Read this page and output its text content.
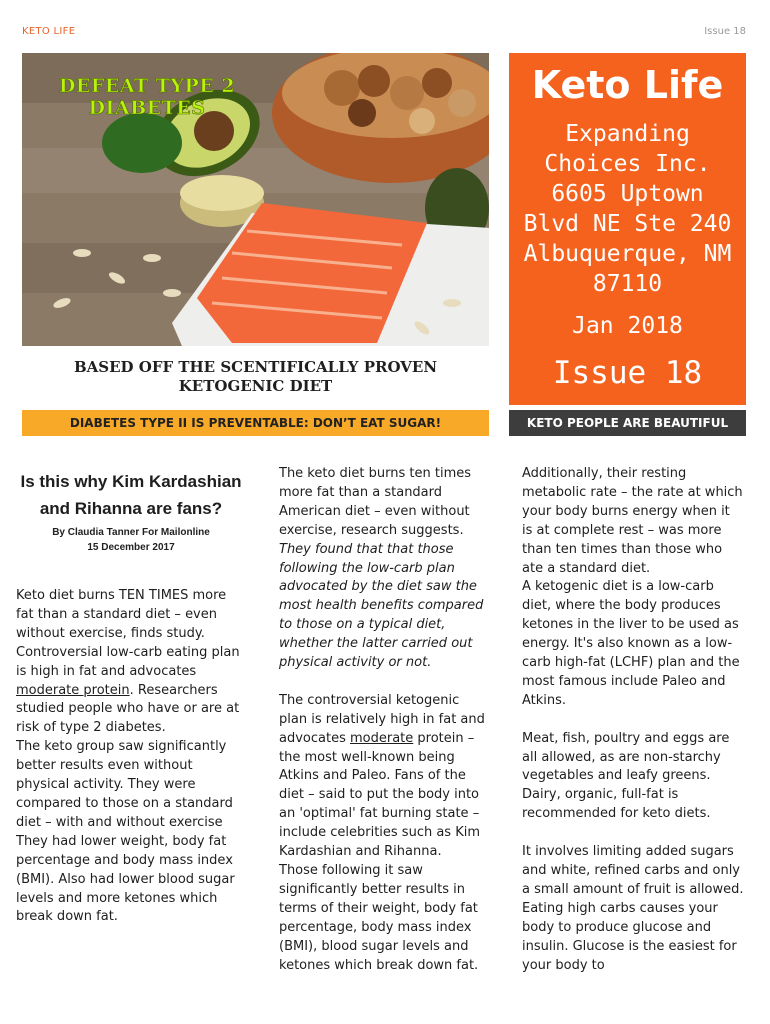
KETO LIFE	Issue 18
DEFEAT TYPE 2 DIABETES
BASED OFF THE SCENTIFICALLY PROVEN KETOGENIC DIET
Keto Life
Expanding Choices Inc. 6605 Uptown Blvd NE Ste 240 Albuquerque, NM 87110
Jan 2018
Issue 18
DIABETES TYPE II IS PREVENTABLE: DON’T EAT SUGAR!	KETO PEOPLE ARE BEAUTIFUL
Is this why Kim Kardashian and Rihanna are fans?
By Claudia Tanner For Mailonline
15 December 2017

Keto diet burns TEN TIMES more fat than a standard diet – even without exercise, finds study. Controversial low-carb eating plan is high in fat and advocates moderate protein. Researchers studied people who have or are at risk of type 2 diabetes.

The keto group saw significantly better results even without physical activity. They were compared to those on a standard diet – with and without exercise They had lower weight, body fat percentage and body mass index (BMI). Also had lower blood sugar levels and more ketones which break down fat.

The keto diet burns ten times more fat than a standard American diet – even without exercise, research suggests.

They found that that those following the low-carb plan advocated by the diet saw the most health benefits compared to those on a typical diet, whether the latter carried out physical activity or not.

The controversial ketogenic plan is relatively high in fat and advocates moderate protein – the most well-known being Atkins and Paleo. Fans of the diet – said to put the body into an 'optimal' fat burning state – include celebrities such as Kim Kardashian and Rihanna.

Those following it saw significantly better results in terms of their weight, body fat percentage, body mass index (BMI), blood sugar levels and ketones which break down fat.

Additionally, their resting metabolic rate – the rate at which your body burns energy when it is at complete rest – was more than ten times than those who ate a standard diet.

A ketogenic diet is a low-carb diet, where the body produces ketones in the liver to be used as energy. It's also known as a low-carb high-fat (LCHF) plan and the most famous include Paleo and Atkins.

Meat, fish, poultry and eggs are all allowed, as are non-starchy vegetables and leafy greens. Dairy, organic, full-fat is recommended for keto diets.

It involves limiting added sugars and white, refined carbs and only a small amount of fruit is allowed. Eating high carbs causes your body to produce glucose and insulin. Glucose is the easiest for your body to
